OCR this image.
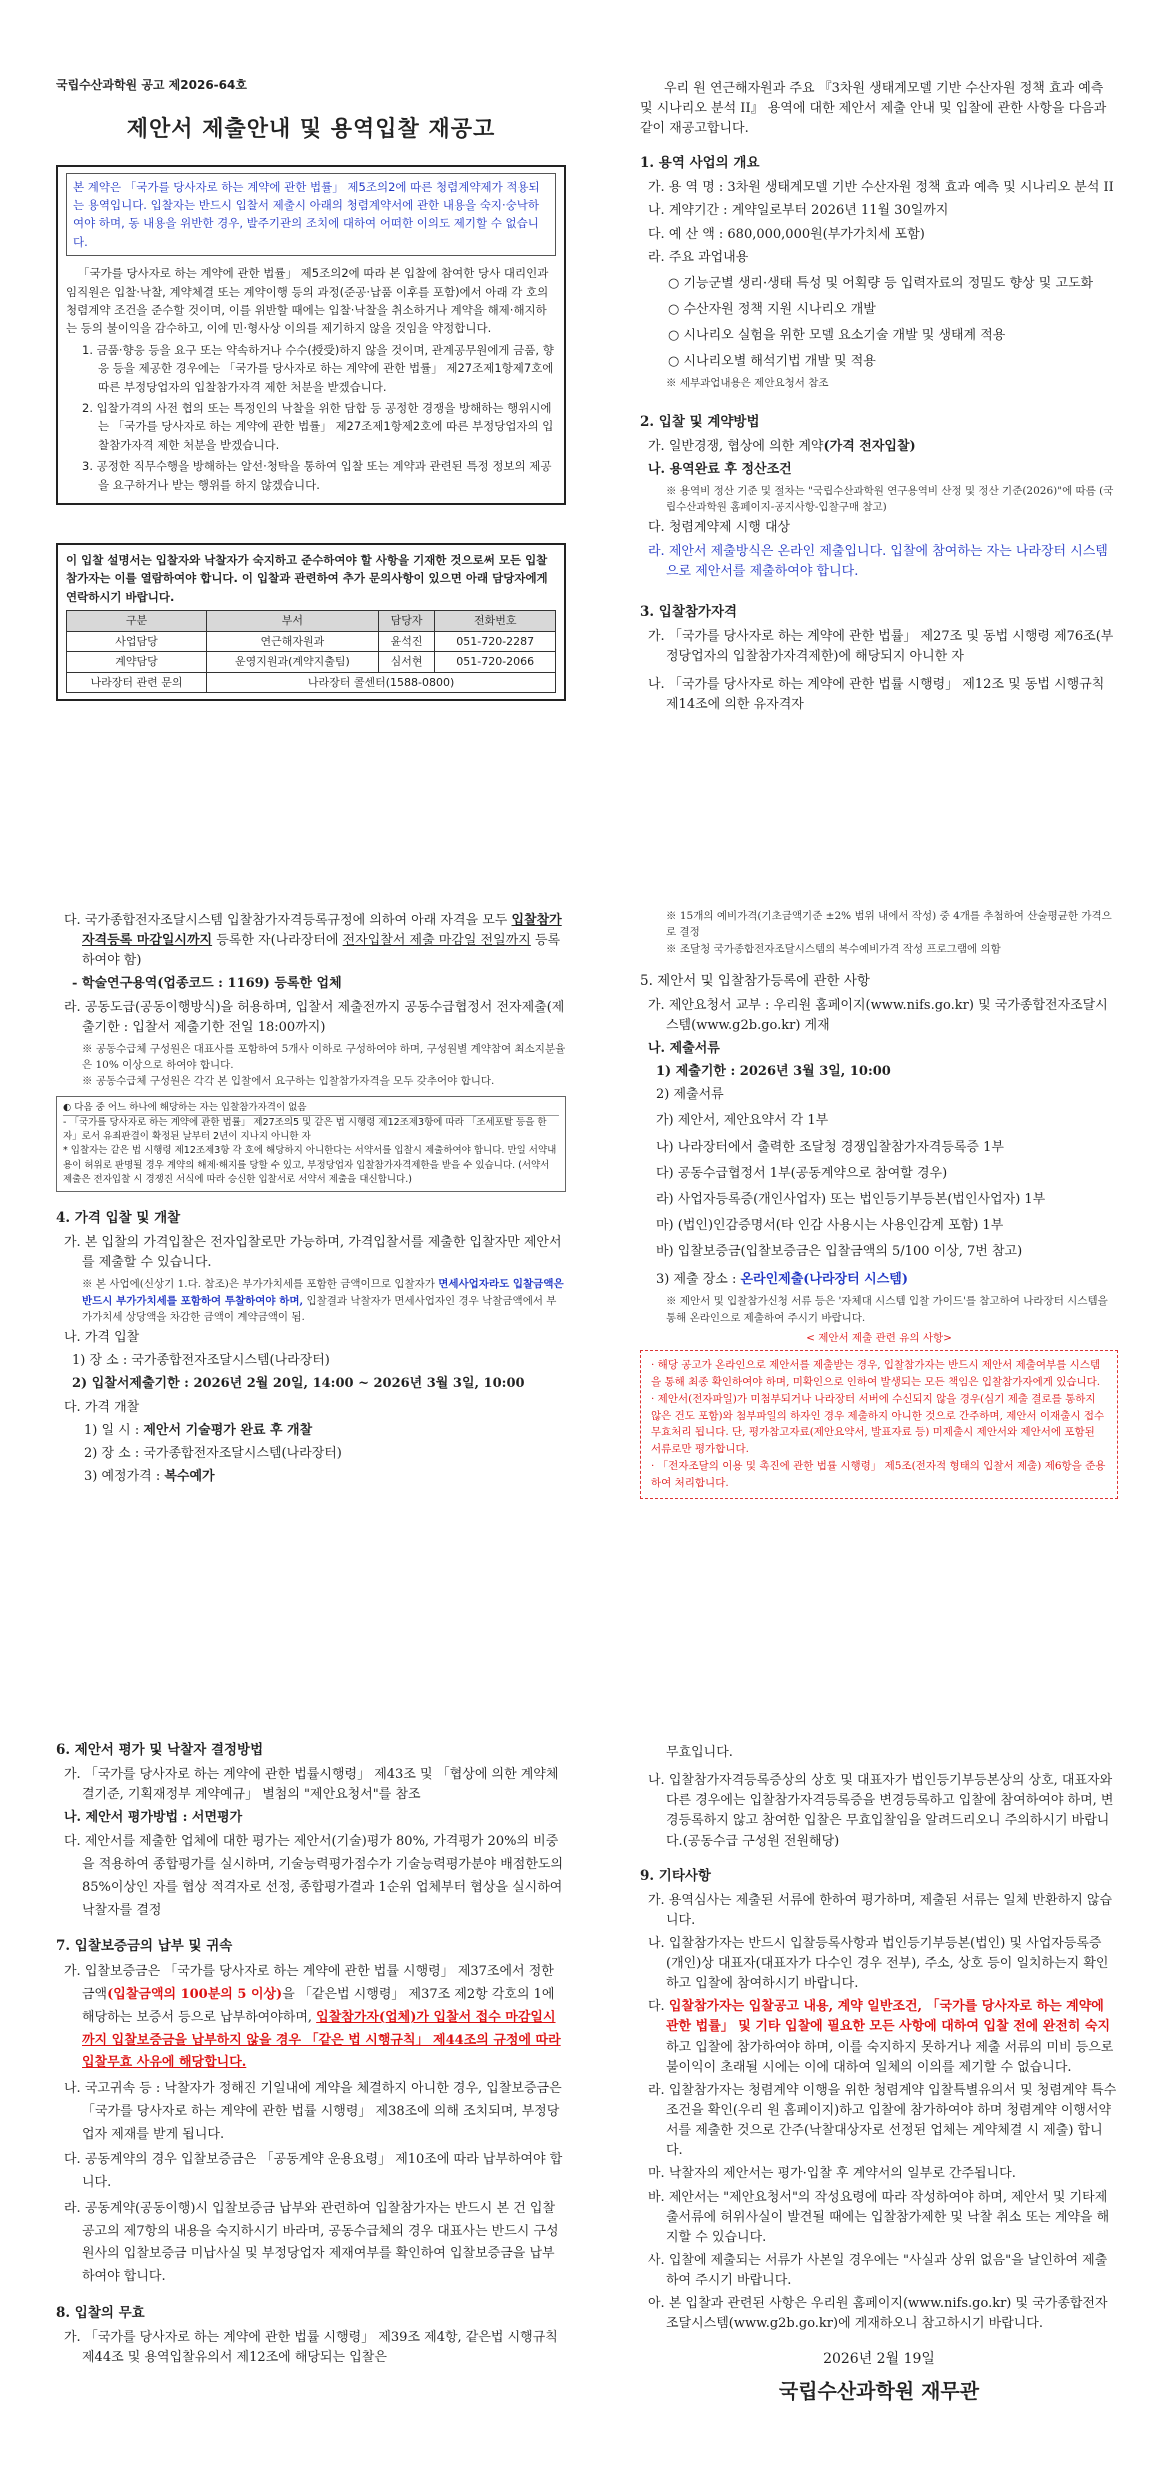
국립수산과학원 공고 제2026-64호
제안서 제출안내 및 용역입찰 재공고
본 계약은 「국가를 당사자로 하는 계약에 관한 법률」 제5조의2에 따른 청렴계약제가 적용되는 용역입니다. 입찰자는 반드시 입찰서 제출시 아래의 청렴계약서에 관한 내용을 숙지·숭낙하여야 하며, 동 내용을 위반한 경우, 발주기관의 조치에 대하여 어떠한 이의도 제기할 수 없습니다.
「국가를 당사자로 하는 계약에 관한 법률」 제5조의2에 따라 본 입찰에 참여한 당사 대리인과 임직원은 입찰·낙찰, 계약체결 또는 계약이행 등의 과정(준공·납품 이후를 포함)에서 아래 각 호의 청렴계약 조건을 준수할 것이며, 이를 위반할 때에는 입찰·낙찰을 취소하거나 계약을 해제·해지하는 등의 불이익을 감수하고, 이에 민·형사상 이의를 제기하지 않을 것임을 약정합니다.
1. 금품·향응 등을 요구 또는 약속하거나 수수(授受)하지 않을 것이며, 관계공무원에게 금품, 향응 등을 제공한 경우에는 「국가를 당사자로 하는 계약에 관한 법률」 제27조제1항제7호에 따른 부정당업자의 입찰참가자격 제한 처분을 받겠습니다.
2. 입찰가격의 사전 협의 또는 특정인의 낙찰을 위한 담합 등 공정한 경쟁을 방해하는 행위시에는 「국가를 당사자로 하는 계약에 관한 법률」 제27조제1항제2호에 따른 부정당업자의 입찰참가자격 제한 처분을 받겠습니다.
3. 공정한 직무수행을 방해하는 알선·청탁을 통하여 입찰 또는 계약과 관련된 특정 정보의 제공을 요구하거나 받는 행위를 하지 않겠습니다.
이 입찰 설명서는 입찰자와 낙찰자가 숙지하고 준수하여야 할 사항을 기재한 것으로써 모든 입찰참가자는 이를 열람하여야 합니다. 이 입찰과 관련하여 추가 문의사항이 있으면 아래 담당자에게 연락하시기 바랍니다.
구분	부서	담당자	전화번호
사업담당	연근해자원과	윤석진	051-720-2287
계약담당	운영지원과(계약지출팀)	심서현	051-720-2066
나라장터 관련 문의	나라장터 콜센터(1588-0800)		
우리 원 연근해자원과 주요 『3차원 생태계모델 기반 수산자원 정책 효과 예측 및 시나리오 분석 II』 용역에 대한 제안서 제출 안내 및 입찰에 관한 사항을 다음과 같이 재공고합니다.
1. 용역 사업의 개요
가. 용 역 명 : 3차원 생태계모델 기반 수산자원 정책 효과 예측 및 시나리오 분석 II
나. 계약기간 : 계약일로부터 2026년 11월 30일까지
다. 예 산 액 : 680,000,000원(부가가치세 포함)
라. 주요 과업내용
○ 기능군별 생리·생태 특성 및 어획량 등 입력자료의 정밀도 향상 및 고도화
○ 수산자원 정책 지원 시나리오 개발
○ 시나리오 실험을 위한 모델 요소기술 개발 및 생태계 적용
○ 시나리오별 해석기법 개발 및 적용
※ 세부과업내용은 제안요청서 참조
2. 입찰 및 계약방법
가. 일반경쟁, 협상에 의한 계약(가격 전자입찰)
나. 용역완료 후 정산조건
※ 용역비 정산 기준 및 절차는 "국립수산과학원 연구용역비 산정 및 정산 기준(2026)"에 따름 (국립수산과학원 홈페이지-공지사항-입찰구매 참고)
다. 청렴계약제 시행 대상
라. 제안서 제출방식은 온라인 제출입니다. 입찰에 참여하는 자는 나라장터 시스템으로 제안서를 제출하여야 합니다.
3. 입찰참가자격
가. 「국가를 당사자로 하는 계약에 관한 법률」 제27조 및 동법 시행령 제76조(부정당업자의 입찰참가자격제한)에 해당되지 아니한 자
나. 「국가를 당사자로 하는 계약에 관한 법률 시행령」 제12조 및 동법 시행규칙 제14조에 의한 유자격자
다. 국가종합전자조달시스템 입찰참가자격등록규정에 의하여 아래 자격을 모두 입찰참가자격등록 마감일시까지 등록한 자(나라장터에 전자입찰서 제출 마감일 전일까지 등록하여야 함)
- 학술연구용역(업종코드 : 1169) 등록한 업체
라. 공동도급(공동이행방식)을 허용하며, 입찰서 제출전까지 공동수급협정서 전자제출(제출기한 : 입찰서 제출기한 전일 18:00까지)
※ 공동수급체 구성원은 대표사를 포함하여 5개사 이하로 구성하여야 하며, 구성원별 계약참여 최소지분율은 10% 이상으로 하여야 합니다.
※ 공동수급체 구성원은 각각 본 입찰에서 요구하는 입찰참가자격을 모두 갖추어야 합니다.
◐ 다음 중 어느 하나에 해당하는 자는 입찰참가자격이 없음
- 「국가를 당사자로 하는 계약에 관한 법률」 제27조의5 및 같은 법 시행령 제12조제3항에 따라 「조세포탈 등을 한 자」로서 유죄판결이 확정된 날부터 2년이 지나지 아니한 자
* 입찰자는 같은 법 시행령 제12조제3항 각 호에 해당하지 아니한다는 서약서를 입찰시 제출하여야 합니다. 만일 서약내용이 허위로 판명될 경우 계약의 해제·해지를 당할 수 있고, 부정당업자 입찰참가자격제한을 받을 수 있습니다. (서약서 제출은 전자입찰 시 경쟁진 서식에 따라 승신한 입찰서로 서약서 제출을 대신합니다.)
4. 가격 입찰 및 개찰
가. 본 입찰의 가격입찰은 전자입찰로만 가능하며, 가격입찰서를 제출한 입찰자만 제안서를 제출할 수 있습니다.
※ 본 사업에(신상기 1.다. 참조)은 부가가치세를 포함한 금액이므로 입찰자가 면세사업자라도 입찰금액은 반드시 부가가치세를 포함하여 투찰하여야 하며, 입찰결과 낙찰자가 면세사업자인 경우 낙찰금액에서 부가가치세 상당액을 차감한 금액이 계약금액이 됨.
나. 가격 입찰
1) 장 소 : 국가종합전자조달시스템(나라장터)
2) 입찰서제출기한 : 2026년 2월 20일, 14:00 ~ 2026년 3월 3일, 10:00
다. 가격 개찰
1) 일 시 : 제안서 기술평가 완료 후 개찰
2) 장 소 : 국가종합전자조달시스템(나라장터)
3) 예정가격 : 복수예가
※ 15개의 예비가격(기초금액기준 ±2% 범위 내에서 작성) 중 4개를 추첨하여 산술평균한 가격으로 결정
※ 조달청 국가종합전자조달시스템의 복수예비가격 작성 프로그램에 의함
5. 제안서 및 입찰참가등록에 관한 사항
가. 제안요청서 교부 : 우리원 홈페이지(www.nifs.go.kr) 및 국가종합전자조달시스템(www.g2b.go.kr) 게재
나. 제출서류
1) 제출기한 : 2026년 3월 3일, 10:00
2) 제출서류
가) 제안서, 제안요약서 각 1부
나) 나라장터에서 출력한 조달청 경쟁입찰참가자격등록증 1부
다) 공동수급협정서 1부(공동계약으로 참여할 경우)
라) 사업자등록증(개인사업자) 또는 법인등기부등본(법인사업자) 1부
마) (법인)인감증명서(타 인감 사용시는 사용인감계 포함) 1부
바) 입찰보증금(입찰보증금은 입찰금액의 5/100 이상, 7번 참고)
3) 제출 장소 : 온라인제출(나라장터 시스템)
※ 제안서 및 입찰참가신청 서류 등은 '자체대 시스템 입찰 가이드'를 참고하여 나라장터 시스템을 통해 온라인으로 제출하여 주시기 바랍니다.
< 제안서 제출 관련 유의 사항>
· 해당 공고가 온라인으로 제안서를 제출받는 경우, 입찰참가자는 반드시 제안서 제출여부를 시스템을 통해 최종 확인하여야 하며, 미확인으로 인하여 발생되는 모든 책임은 입찰참가자에게 있습니다.
· 제안서(전자파일)가 미첨부되거나 나라장터 서버에 수신되지 않을 경우(심기 제출 결로를 통하지 않은 건도 포함)와 첨부파일의 하자인 경우 제출하지 아니한 것으로 간주하며, 제안서 이재출시 접수 무효처리 됩니다. 단, 평가참고자료(제안요약서, 발표자료 등) 미제출시 제안서와 제안서에 포함된 서류로만 평가합니다.
· 「전자조달의 이용 및 촉진에 관한 법률 시행령」 제5조(전자적 형태의 입찰서 제출) 제6항을 준용하여 처리합니다.
6. 제안서 평가 및 낙찰자 결정방법
가. 「국가를 당사자로 하는 계약에 관한 법률시행령」 제43조 및 「협상에 의한 계약체결기준, 기획재정부 계약예규」 별첨의 "제안요청서"를 참조
나. 제안서 평가방법 : 서면평가
다. 제안서를 제출한 업체에 대한 평가는 제안서(기술)평가 80%, 가격평가 20%의 비중을 적용하여 종합평가를 실시하며, 기술능력평가점수가 기술능력평가분야 배점한도의 85%이상인 자를 협상 적격자로 선정, 종합평가결과 1순위 업체부터 협상을 실시하여 낙찰자를 결정
7. 입찰보증금의 납부 및 귀속
가. 입찰보증금은 「국가를 당사자로 하는 계약에 관한 법률 시행령」 제37조에서 정한 금액(입찰금액의 100분의 5 이상)을 「같은법 시행령」 제37조 제2항 각호의 1에 해당하는 보증서 등으로 납부하여야하며, 입찰참가자(업체)가 입찰서 접수 마감일시까지 입찰보증금을 납부하지 않을 경우 「같은 법 시행규칙」 제44조의 규정에 따라 입찰무효 사유에 해당합니다.
나. 국고귀속 등 : 낙찰자가 정해진 기일내에 계약을 체결하지 아니한 경우, 입찰보증금은 「국가를 당사자로 하는 계약에 관한 법률 시행령」 제38조에 의해 조치되며, 부정당업자 제재를 받게 됩니다.
다. 공동계약의 경우 입찰보증금은 「공동계약 운용요령」 제10조에 따라 납부하여야 합니다.
라. 공동계약(공동이행)시 입찰보증금 납부와 관련하여 입찰참가자는 반드시 본 건 입찰공고의 제7항의 내용을 숙지하시기 바라며, 공동수급체의 경우 대표사는 반드시 구성원사의 입찰보증금 미납사실 및 부정당업자 제재여부를 확인하여 입찰보증금을 납부하여야 합니다.
8. 입찰의 무효
가. 「국가를 당사자로 하는 계약에 관한 법률 시행령」 제39조 제4항, 같은법 시행규칙 제44조 및 용역입찰유의서 제12조에 해당되는 입찰은
무효입니다.
나. 입찰참가자격등록증상의 상호 및 대표자가 법인등기부등본상의 상호, 대표자와 다른 경우에는 입찰참가자격등록증을 변경등록하고 입찰에 참여하여야 하며, 변경등록하지 않고 참여한 입찰은 무효입찰임을 알려드리오니 주의하시기 바랍니다.(공동수급 구성원 전원해당)
9. 기타사항
가. 용역심사는 제출된 서류에 한하여 평가하며, 제출된 서류는 일체 반환하지 않습니다.
나. 입찰참가자는 반드시 입찰등록사항과 법인등기부등본(법인) 및 사업자등록증(개인)상 대표자(대표자가 다수인 경우 전부), 주소, 상호 등이 일치하는지 확인하고 입찰에 참여하시기 바랍니다.
다. 입찰참가자는 입찰공고 내용, 계약 일반조건, 「국가를 당사자로 하는 계약에 관한 법률」 및 기타 입찰에 필요한 모든 사항에 대하여 입찰 전에 완전히 숙지하고 입찰에 참가하여야 하며, 이를 숙지하지 못하거나 제출 서류의 미비 등으로 불이익이 초래될 시에는 이에 대하여 일체의 이의를 제기할 수 없습니다.
라. 입찰참가자는 청렴계약 이행을 위한 청렴계약 입찰특별유의서 및 청렴계약 특수조건을 확인(우리 원 홈페이지)하고 입찰에 참가하여야 하며 청렴계약 이행서약서를 제출한 것으로 간주(낙찰대상자로 선정된 업체는 계약체결 시 제출) 합니다.
마. 낙찰자의 제안서는 평가·입찰 후 계약서의 일부로 간주됩니다.
바. 제안서는 "제안요청서"의 작성요령에 따라 작성하여야 하며, 제안서 및 기타제출서류에 허위사실이 발견될 때에는 입찰참가제한 및 낙찰 취소 또는 계약을 해지할 수 있습니다.
사. 입찰에 제출되는 서류가 사본일 경우에는 "사실과 상위 없음"을 날인하여 제출하여 주시기 바랍니다.
아. 본 입찰과 관련된 사항은 우리원 홈페이지(www.nifs.go.kr) 및 국가종합전자조달시스템(www.g2b.go.kr)에 게재하오니 참고하시기 바랍니다.
2026년 2월 19일
국립수산과학원 재무관
